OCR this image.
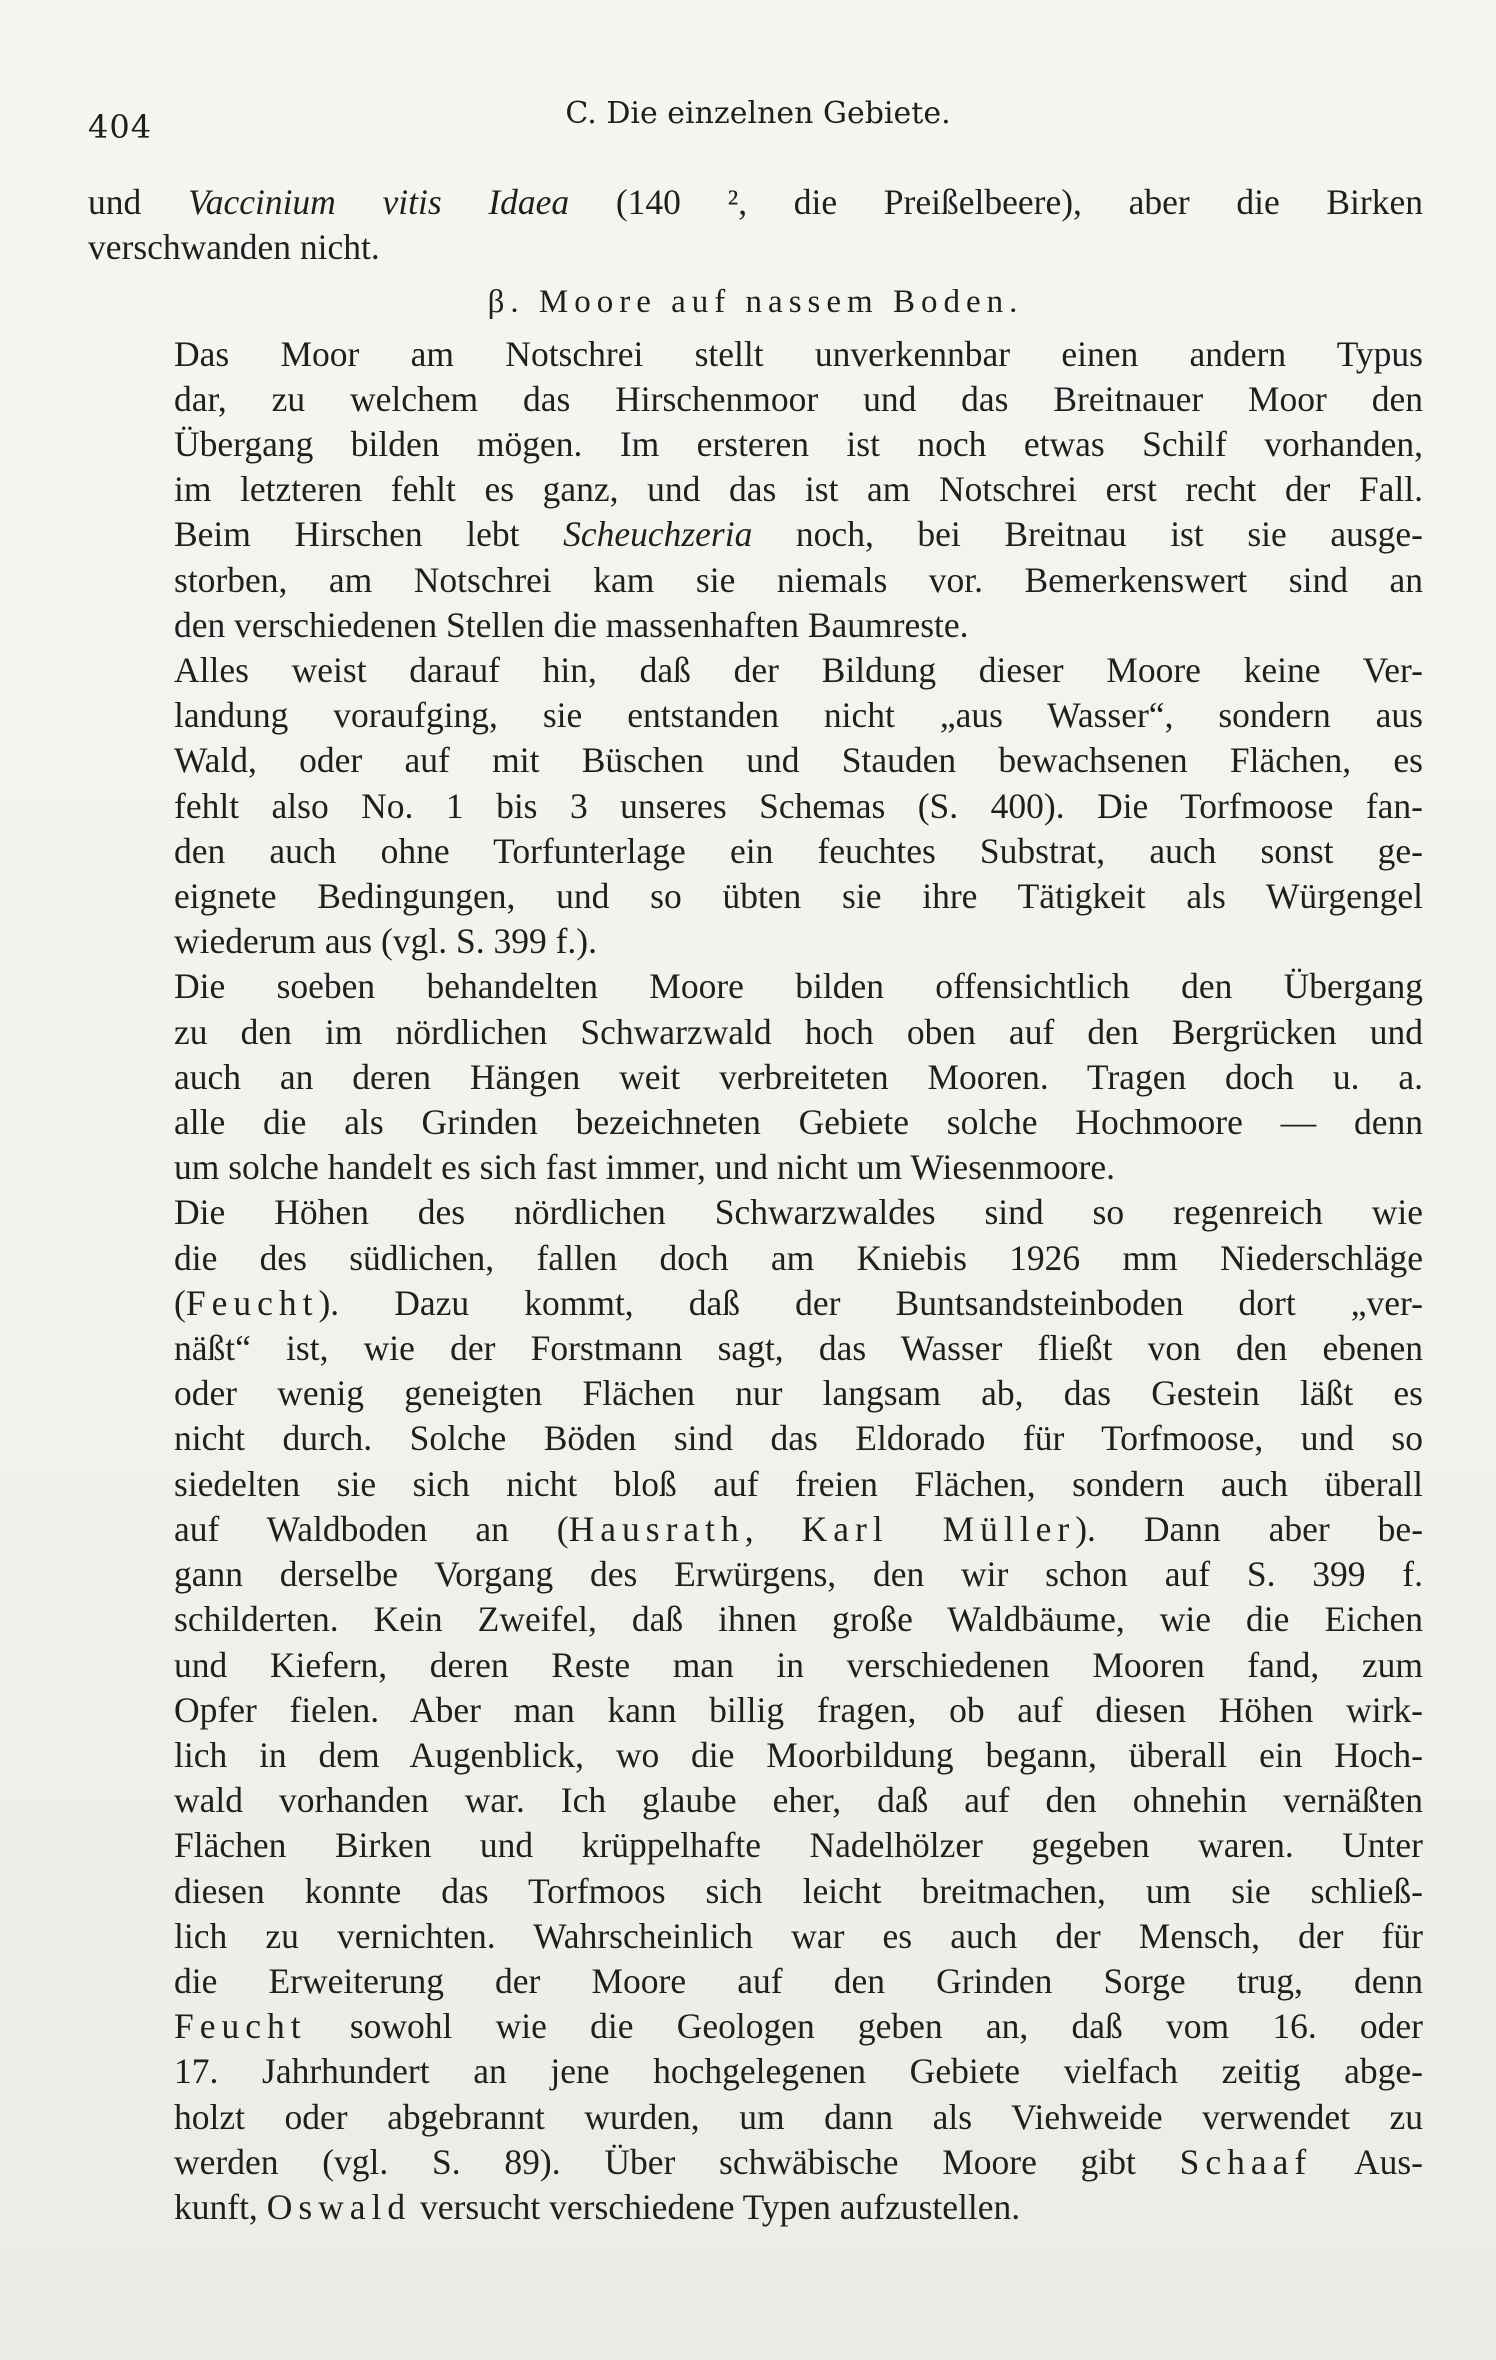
404	C. Die einzelnen Gebiete.

und Vaccinium vitis Idaea (140 ², die Preißelbeere), aber die Birken
verschwanden nicht.

β. Moore auf nassem Boden.

Das Moor am Notschrei stellt unverkennbar einen andern Typus
dar, zu welchem das Hirschenmoor und das Breitnauer Moor den
Übergang bilden mögen. Im ersteren ist noch etwas Schilf vorhanden,
im letzteren fehlt es ganz, und das ist am Notschrei erst recht der Fall.
Beim Hirschen lebt Scheuchzeria noch, bei Breitnau ist sie ausge-
storben, am Notschrei kam sie niemals vor. Bemerkenswert sind an
den verschiedenen Stellen die massenhaften Baumreste.

Alles weist darauf hin, daß der Bildung dieser Moore keine Ver-
landung voraufging, sie entstanden nicht „aus Wasser“, sondern aus
Wald, oder auf mit Büschen und Stauden bewachsenen Flächen, es
fehlt also No. 1 bis 3 unseres Schemas (S. 400). Die Torfmoose fan-
den auch ohne Torfunterlage ein feuchtes Substrat, auch sonst ge-
eignete Bedingungen, und so übten sie ihre Tätigkeit als Würgengel
wiederum aus (vgl. S. 399 f.).

Die soeben behandelten Moore bilden offensichtlich den Übergang
zu den im nördlichen Schwarzwald hoch oben auf den Bergrücken und
auch an deren Hängen weit verbreiteten Mooren. Tragen doch u. a.
alle die als Grinden bezeichneten Gebiete solche Hochmoore — denn
um solche handelt es sich fast immer, und nicht um Wiesenmoore.

Die Höhen des nördlichen Schwarzwaldes sind so regenreich wie
die des südlichen, fallen doch am Kniebis 1926 mm Niederschläge
(Feucht). Dazu kommt, daß der Buntsandsteinboden dort „ver-
näßt“ ist, wie der Forstmann sagt, das Wasser fließt von den ebenen
oder wenig geneigten Flächen nur langsam ab, das Gestein läßt es
nicht durch. Solche Böden sind das Eldorado für Torfmoose, und so
siedelten sie sich nicht bloß auf freien Flächen, sondern auch überall
auf Waldboden an (Hausrath, Karl Müller). Dann aber be-
gann derselbe Vorgang des Erwürgens, den wir schon auf S. 399 f.
schilderten. Kein Zweifel, daß ihnen große Waldbäume, wie die Eichen
und Kiefern, deren Reste man in verschiedenen Mooren fand, zum
Opfer fielen. Aber man kann billig fragen, ob auf diesen Höhen wirk-
lich in dem Augenblick, wo die Moorbildung begann, überall ein Hoch-
wald vorhanden war. Ich glaube eher, daß auf den ohnehin vernäßten
Flächen Birken und krüppelhafte Nadelhölzer gegeben waren. Unter
diesen konnte das Torfmoos sich leicht breitmachen, um sie schließ-
lich zu vernichten. Wahrscheinlich war es auch der Mensch, der für
die Erweiterung der Moore auf den Grinden Sorge trug, denn
Feucht sowohl wie die Geologen geben an, daß vom 16. oder
17. Jahrhundert an jene hochgelegenen Gebiete vielfach zeitig abge-
holzt oder abgebrannt wurden, um dann als Viehweide verwendet zu
werden (vgl. S. 89). Über schwäbische Moore gibt Schaaf Aus-
kunft, Oswald versucht verschiedene Typen aufzustellen.
